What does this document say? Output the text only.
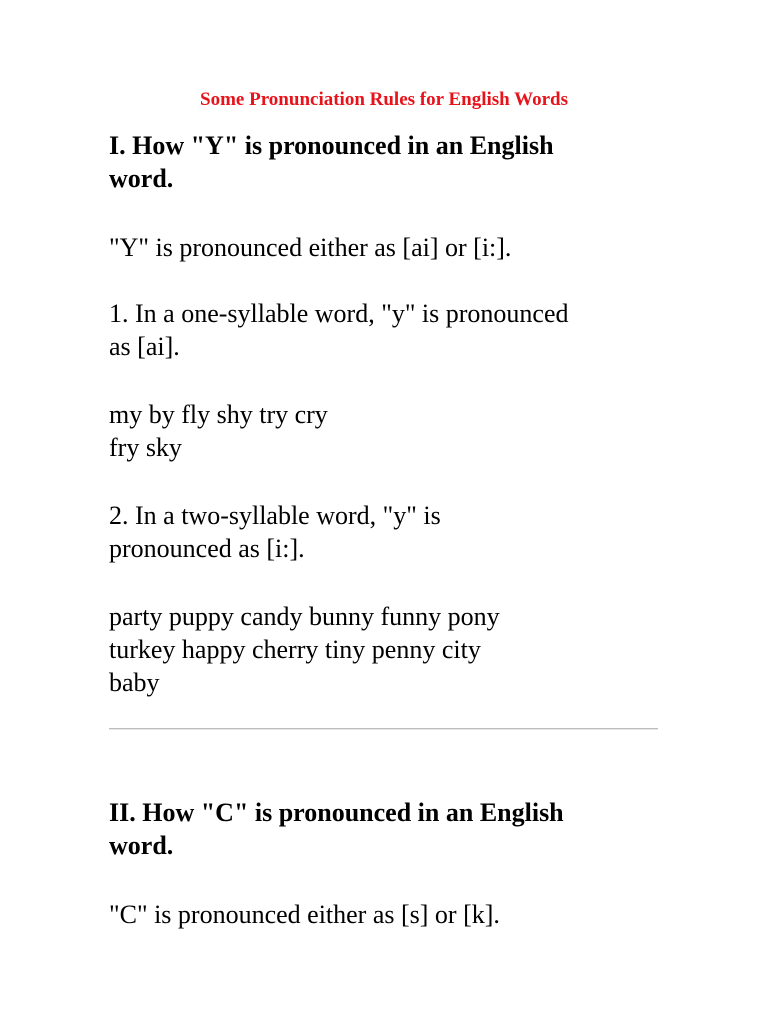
Some Pronunciation Rules for English Words
I. How "Y" is pronounced in an English
word.
"Y" is pronounced either as [ai] or [i:].
1. In a one-syllable word, "y" is pronounced
as [ai].
my by fly shy try cry
fry sky
2. In a two-syllable word, "y" is
pronounced as [i:].
party puppy candy bunny funny pony
turkey happy cherry tiny penny city
baby
II. How "C" is pronounced in an English
word.
"C" is pronounced either as [s] or [k].
